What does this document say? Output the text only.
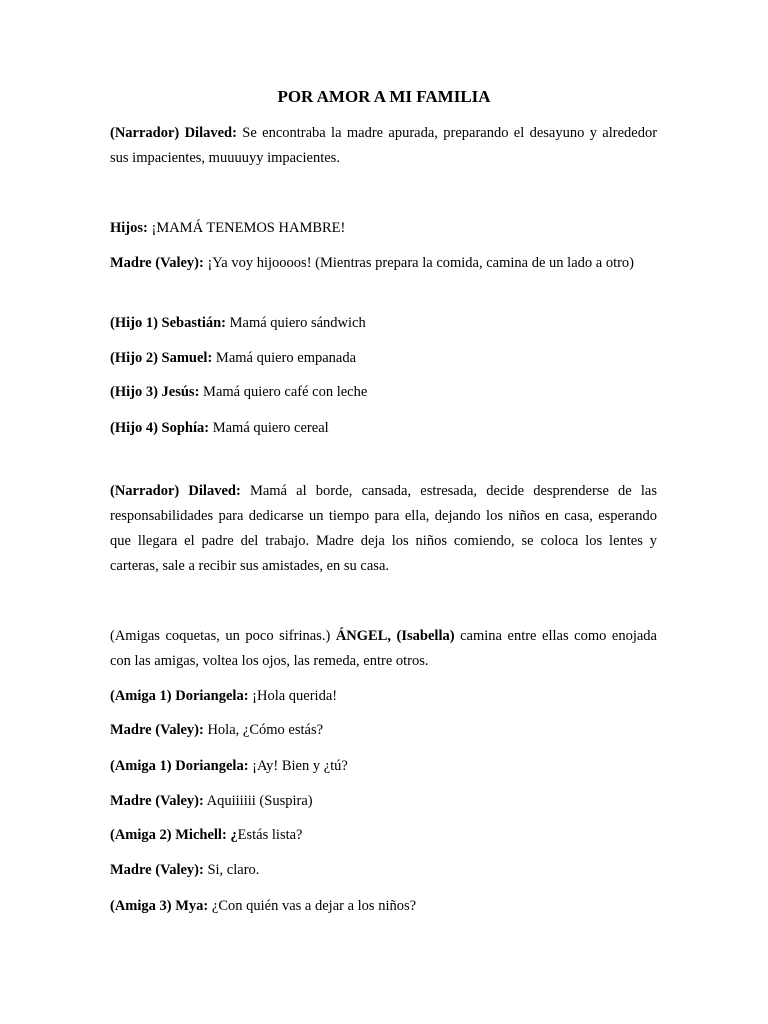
POR AMOR A MI FAMILIA

(Narrador) Dilaved: Se encontraba la madre apurada, preparando el desayuno y alrededor sus impacientes, muuuuyy impacientes.

Hijos: ¡MAMÁ TENEMOS HAMBRE!

Madre (Valey): ¡Ya voy hijoooos! (Mientras prepara la comida, camina de un lado a otro)

(Hijo 1) Sebastián: Mamá quiero sándwich

(Hijo 2) Samuel: Mamá quiero empanada

(Hijo 3) Jesús: Mamá quiero café con leche

(Hijo 4) Sophía: Mamá quiero cereal

(Narrador) Dilaved: Mamá al borde, cansada, estresada, decide desprenderse de las responsabilidades para dedicarse un tiempo para ella, dejando los niños en casa, esperando que llegara el padre del trabajo. Madre deja los niños comiendo, se coloca los lentes y carteras, sale a recibir sus amistades, en su casa.

(Amigas coquetas, un poco sifrinas.) ÁNGEL, (Isabella) camina entre ellas como enojada con las amigas, voltea los ojos, las remeda, entre otros.

(Amiga 1) Doriangela: ¡Hola querida!

Madre (Valey): Hola, ¿Cómo estás?

(Amiga 1) Doriangela: ¡Ay! Bien y ¿tú?

Madre (Valey): Aquiiiiii (Suspira)

(Amiga 2) Michell: ¿Estás lista?

Madre (Valey): Si, claro.

(Amiga 3) Mya: ¿Con quién vas a dejar a los niños?
